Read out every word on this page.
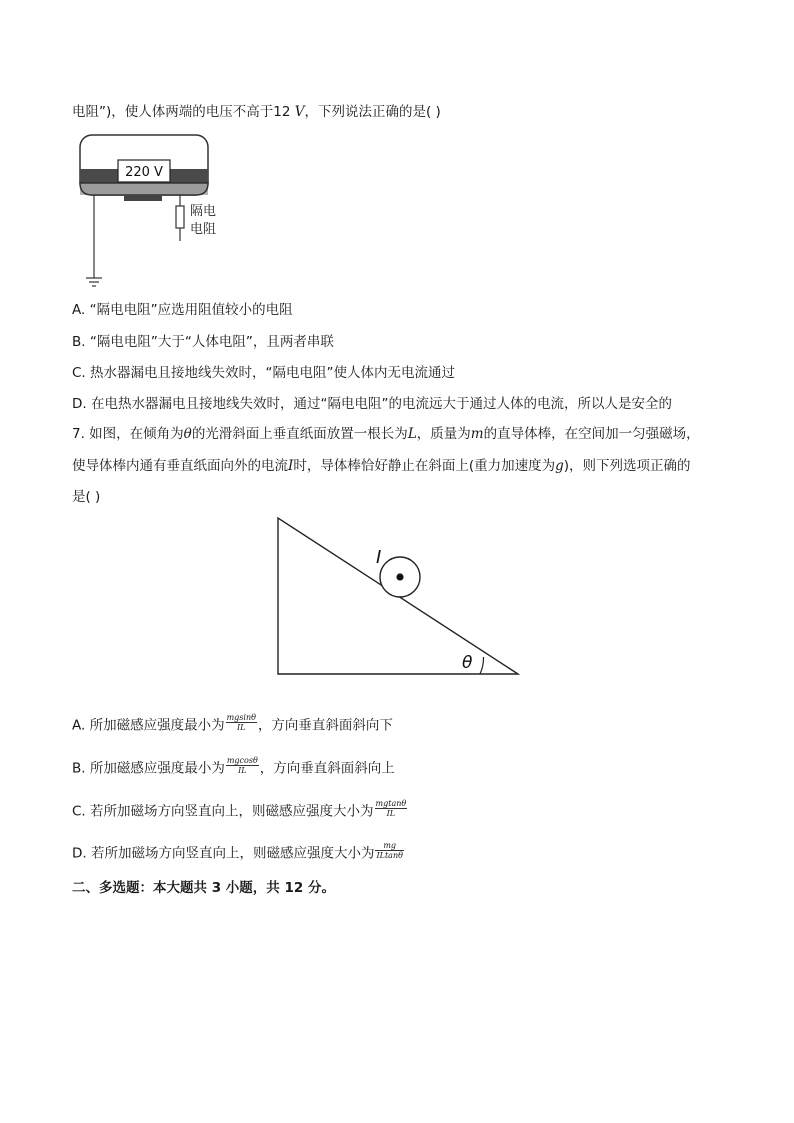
电阻”)，使人体两端的电压不高于12 V，下列说法正确的是( )
220 V
隔电
电阻
A. “隔电电阻”应选用阻值较小的电阻
B. “隔电电阻”大于“人体电阻”，且两者串联
C. 热水器漏电且接地线失效时，“隔电电阻”使人体内无电流通过
D. 在电热水器漏电且接地线失效时，通过“隔电电阻”的电流远大于通过人体的电流，所以人是安全的
7. 如图，在倾角为θ的光滑斜面上垂直纸面放置一根长为L，质量为m的直导体棒，在空间加一匀强磁场，
使导体棒内通有垂直纸面向外的电流I时，导体棒恰好静止在斜面上(重力加速度为g)，则下列选项正确的
是( )
θ
I
A. 所加磁感应强度最小为 $\frac{mgsin\theta}{IL}$ ，方向垂直斜面斜向下
B. 所加磁感应强度最小为 $\frac{mgcos\theta}{IL}$ ，方向垂直斜面斜向上
C. 若所加磁场方向竖直向上，则磁感应强度大小为 $\frac{mgtan\theta}{IL}$
D. 若所加磁场方向竖直向上，则磁感应强度大小为 $\frac{mg}{ILtan\theta}$
二、多选题：本大题共 3 小题，共 12 分。
